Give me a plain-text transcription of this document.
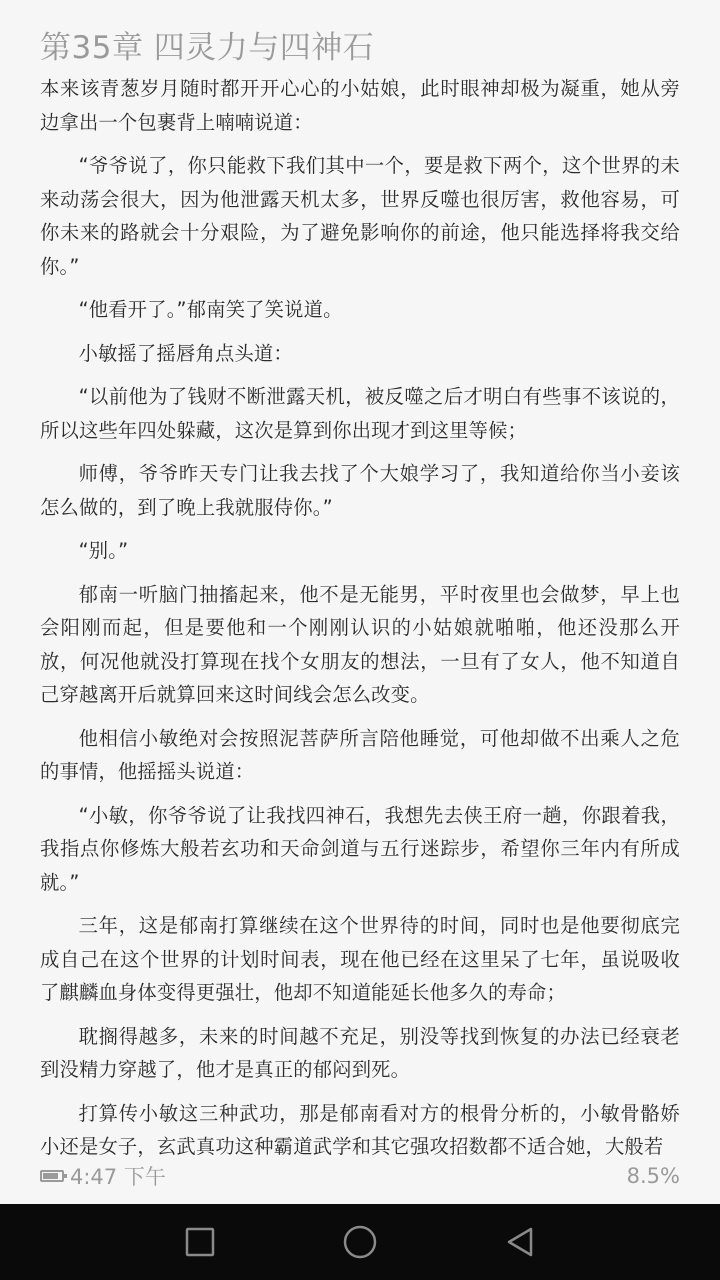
第35章 四灵力与四神石

本来该青葱岁月随时都开开心心的小姑娘，此时眼神却极为凝重，她从旁边拿出一个包裹背上喃喃说道：

“爷爷说了，你只能救下我们其中一个，要是救下两个，这个世界的未来动荡会很大，因为他泄露天机太多，世界反噬也很厉害，救他容易，可你未来的路就会十分艰险，为了避免影响你的前途，他只能选择将我交给你。”

“他看开了。”郁南笑了笑说道。

小敏摇了摇唇角点头道：

“以前他为了钱财不断泄露天机，被反噬之后才明白有些事不该说的，所以这些年四处躲藏，这次是算到你出现才到这里等候；

师傅，爷爷昨天专门让我去找了个大娘学习了，我知道给你当小妾该怎么做的，到了晚上我就服侍你。”

“别。”

郁南一听脑门抽搐起来，他不是无能男，平时夜里也会做梦，早上也会阳刚而起，但是要他和一个刚刚认识的小姑娘就啪啪，他还没那么开放，何况他就没打算现在找个女朋友的想法，一旦有了女人，他不知道自己穿越离开后就算回来这时间线会怎么改变。

他相信小敏绝对会按照泥菩萨所言陪他睡觉，可他却做不出乘人之危的事情，他摇摇头说道：

“小敏，你爷爷说了让我找四神石，我想先去侠王府一趟，你跟着我，我指点你修炼大般若玄功和天命剑道与五行迷踪步，希望你三年内有所成就。”

三年，这是郁南打算继续在这个世界待的时间，同时也是他要彻底完成自己在这个世界的计划时间表，现在他已经在这里呆了七年，虽说吸收了麒麟血身体变得更强壮，他却不知道能延长他多久的寿命；

耽搁得越多，未来的时间越不充足，别没等找到恢复的办法已经衰老到没精力穿越了，他才是真正的郁闷到死。

打算传小敏这三种武功，那是郁南看对方的根骨分析的，小敏骨骼娇小还是女子，玄武真功这种霸道武学和其它强攻招数都不适合她，大般若

4:47 下午	8.5%
